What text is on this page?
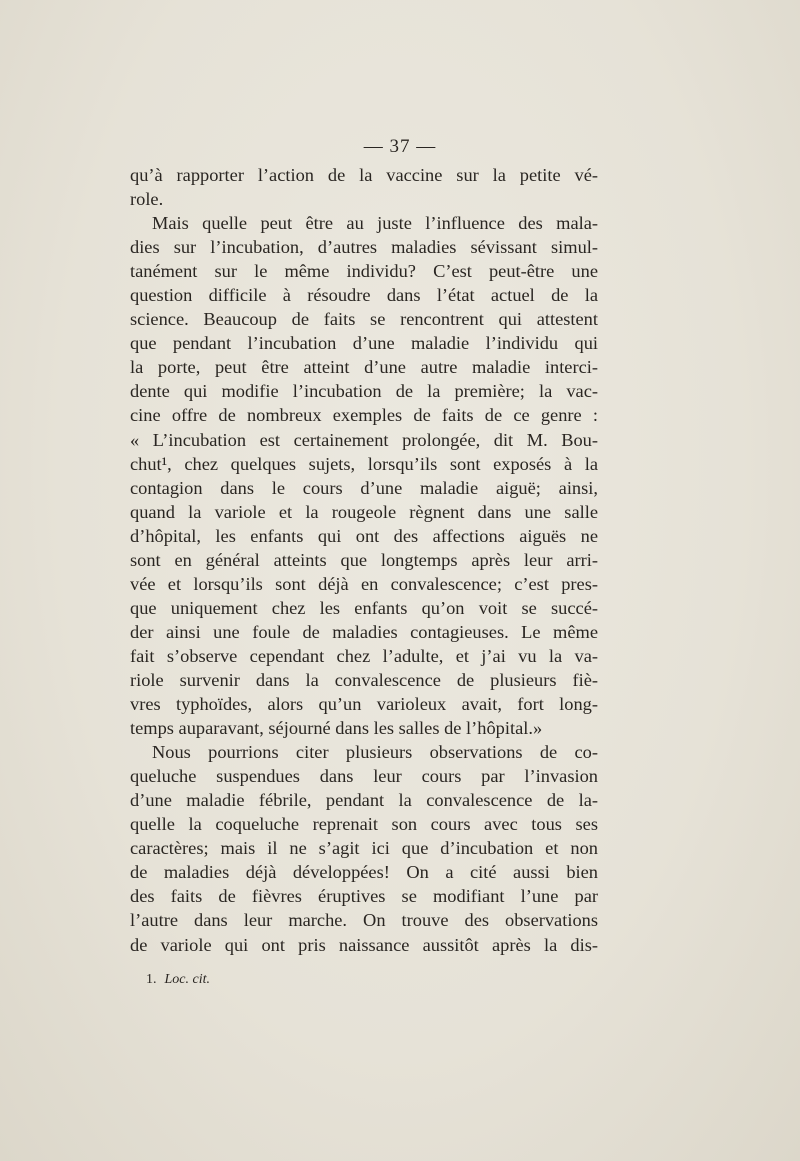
— 37 —
qu’à rapporter l’action de la vaccine sur la petite vé-
role.
Mais quelle peut être au juste l’influence des mala-
dies sur l’incubation, d’autres maladies sévissant simul-
tanément sur le même individu? C’est peut-être une
question difficile à résoudre dans l’état actuel de la
science. Beaucoup de faits se rencontrent qui attestent
que pendant l’incubation d’une maladie l’individu qui
la porte, peut être atteint d’une autre maladie interci-
dente qui modifie l’incubation de la première; la vac-
cine offre de nombreux exemples de faits de ce genre :
« L’incubation est certainement prolongée, dit M. Bou-
chut¹, chez quelques sujets, lorsqu’ils sont exposés à la
contagion dans le cours d’une maladie aiguë; ainsi,
quand la variole et la rougeole règnent dans une salle
d’hôpital, les enfants qui ont des affections aiguës ne
sont en général atteints que longtemps après leur arri-
vée et lorsqu’ils sont déjà en convalescence; c’est pres-
que uniquement chez les enfants qu’on voit se succé-
der ainsi une foule de maladies contagieuses. Le même
fait s’observe cependant chez l’adulte, et j’ai vu la va-
riole survenir dans la convalescence de plusieurs fiè-
vres typhoïdes, alors qu’un varioleux avait, fort long-
temps auparavant, séjourné dans les salles de l’hôpital.»
Nous pourrions citer plusieurs observations de co-
queluche suspendues dans leur cours par l’invasion
d’une maladie fébrile, pendant la convalescence de la-
quelle la coqueluche reprenait son cours avec tous ses
caractères; mais il ne s’agit ici que d’incubation et non
de maladies déjà développées! On a cité aussi bien
des faits de fièvres éruptives se modifiant l’une par
l’autre dans leur marche. On trouve des observations
de variole qui ont pris naissance aussitôt après la dis-
1. Loc. cit.
